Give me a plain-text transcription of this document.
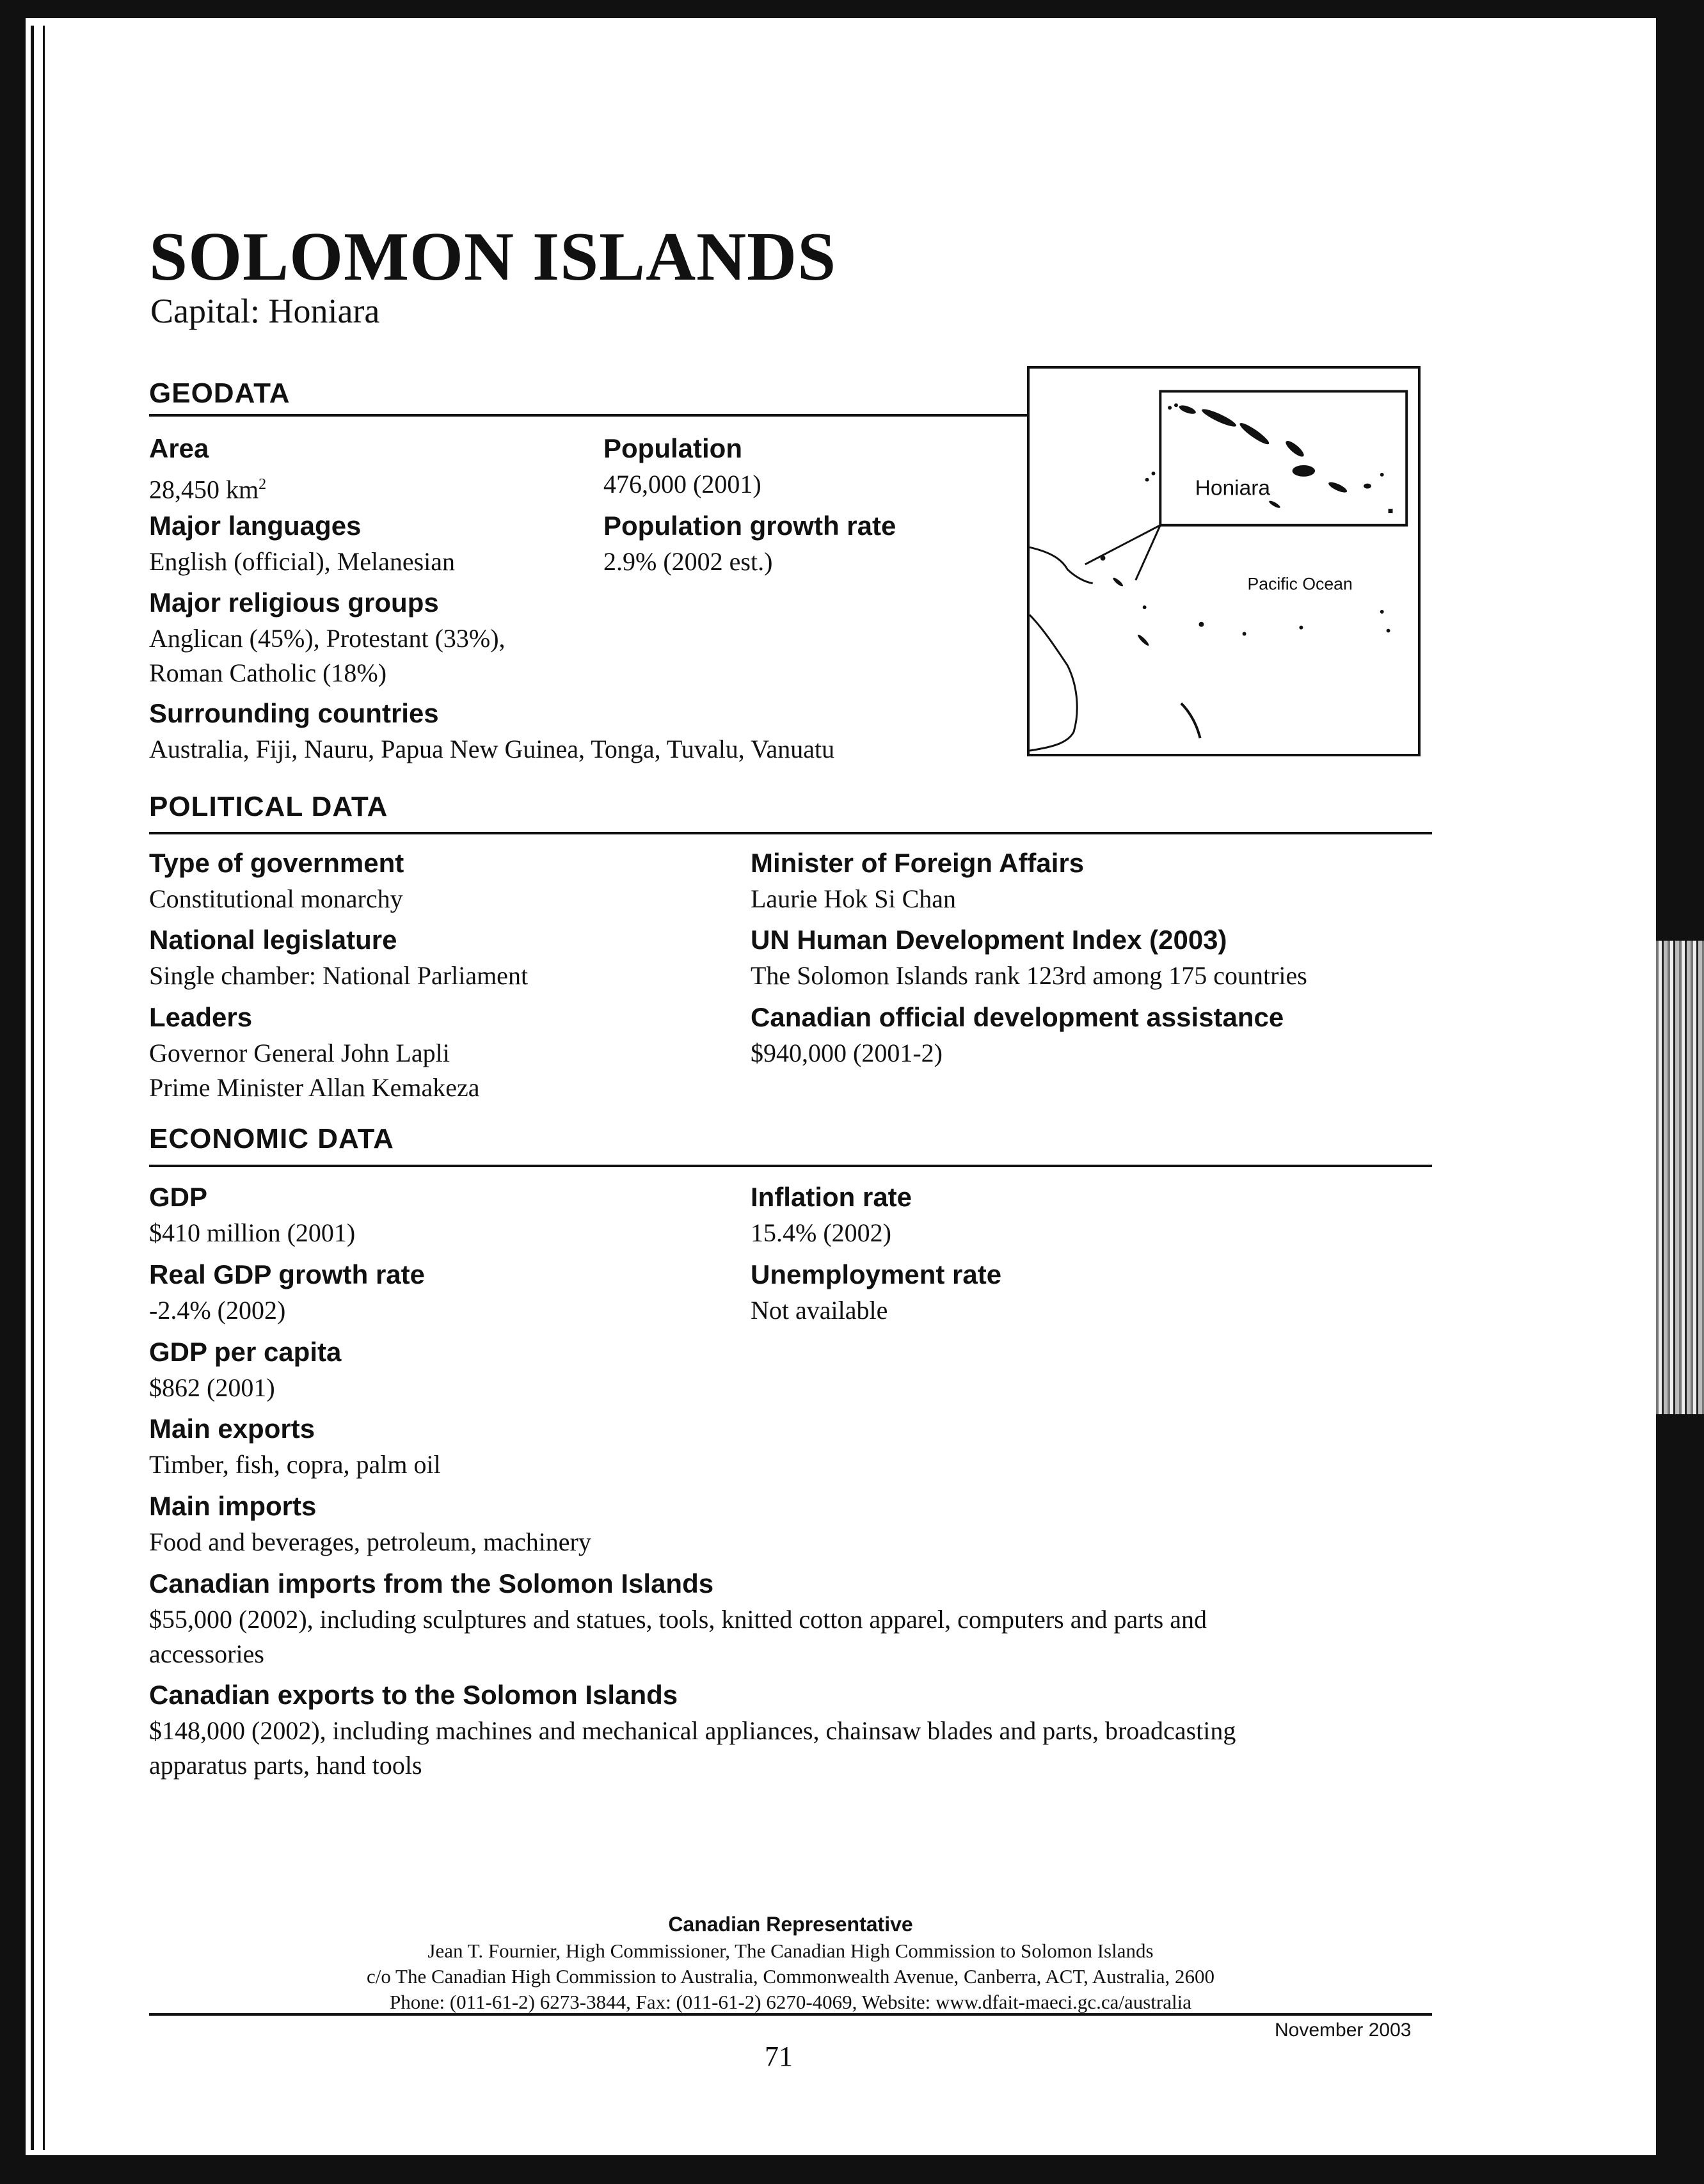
SOLOMON ISLANDS
Capital: Honiara
GEODATA
Area
28,450 $km^2$
Population
476,000 (2001)
Major languages
English (official), Melanesian
Population growth rate
2.9% (2002 est.)
Major religious groups
Anglican (45%), Protestant (33%),
Roman Catholic (18%)
Surrounding countries
Australia, Fiji, Nauru, Papua New Guinea, Tonga, Tuvalu, Vanuatu
Honiara
Pacific Ocean
POLITICAL DATA
Type of government
Constitutional monarchy
National legislature
Single chamber: National Parliament
Leaders
Governor General John Lapli
Prime Minister Allan Kemakeza
Minister of Foreign Affairs
Laurie Hok Si Chan
UN Human Development Index (2003)
The Solomon Islands rank 123rd among 175 countries
Canadian official development assistance
$940,000 (2001-2)
ECONOMIC DATA
GDP
$410 million (2001)
Real GDP growth rate
-2.4% (2002)
GDP per capita
$862 (2001)
Main exports
Timber, fish, copra, palm oil
Main imports
Food and beverages, petroleum, machinery
Inflation rate
15.4% (2002)
Unemployment rate
Not available
Canadian imports from the Solomon Islands
$55,000 (2002), including sculptures and statues, tools, knitted cotton apparel, computers and parts and
accessories
Canadian exports to the Solomon Islands
$148,000 (2002), including machines and mechanical appliances, chainsaw blades and parts, broadcasting
apparatus parts, hand tools
Canadian Representative
Jean T. Fournier, High Commissioner, The Canadian High Commission to Solomon Islands
c/o The Canadian High Commission to Australia, Commonwealth Avenue, Canberra, ACT, Australia, 2600
Phone: (011-61-2) 6273-3844, Fax: (011-61-2) 6270-4069, Website: www.dfait-maeci.gc.ca/australia
November 2003
71
